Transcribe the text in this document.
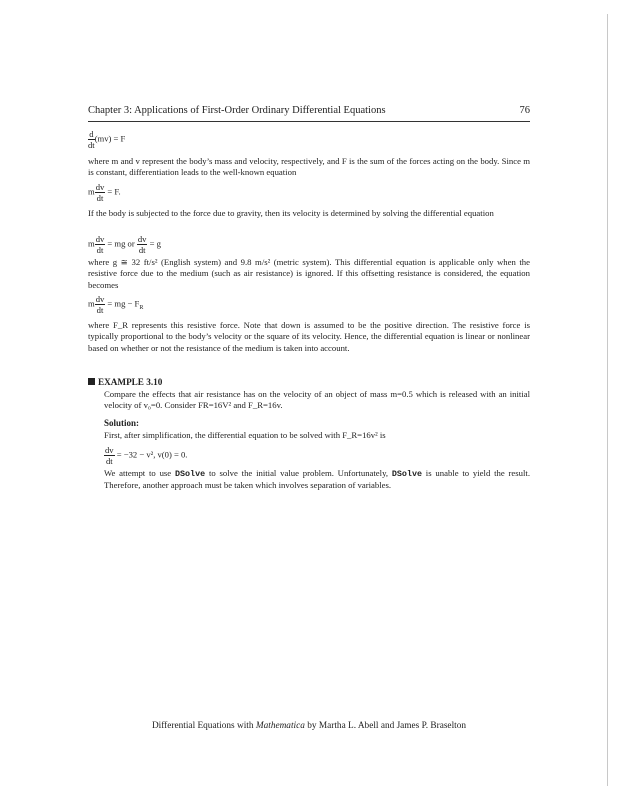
Chapter 3: Applications of First-Order Ordinary Differential Equations	76
$\frac{d}{dt} (mv) = F$

where m and v represent the body’s mass and velocity, respectively, and F is the sum of the forces acting on the body. Since m is constant, differentiation leads to the well-known equation

m $\frac{dv}{dt} = F$.

If the body is subjected to the force due to gravity, then its velocity is determined by solving the differential equation

m $\frac{dv}{dt}$ = mg or $\frac{dv}{dt} = g$

where g ≅ 32 ft/s² (English system) and 9.8 m/s² (metric system). This differential equation is applicable only when the resistive force due to the medium (such as air resistance) is ignored. If this offsetting resistance is considered, the equation becomes

m $\frac{dv}{dt}$ = mg − $F_R$

where F_R represents this resistive force. Note that down is assumed to be the positive direction. The resistive force is typically proportional to the body’s velocity or the square of its velocity. Hence, the differential equation is linear or nonlinear based on whether or not the resistance of the medium is taken into account.

EXAMPLE 3.10

Compare the effects that air resistance has on the velocity of an object of mass m=0.5 which is released with an initial velocity of v₀=0. Consider FR=16V² and F_R=16v.

Solution:

First, after simplification, the differential equation to be solved with F_R=16v² is

$\frac{dv}{dt} = -32 - v^2$, v(0) = 0.

We attempt to use DSolve to solve the initial value problem. Unfortunately, DSolve is unable to yield the result. Therefore, another approach must be taken which involves separation of variables.

Differential Equations with Mathematica by Martha L. Abell and James P. Braselton
